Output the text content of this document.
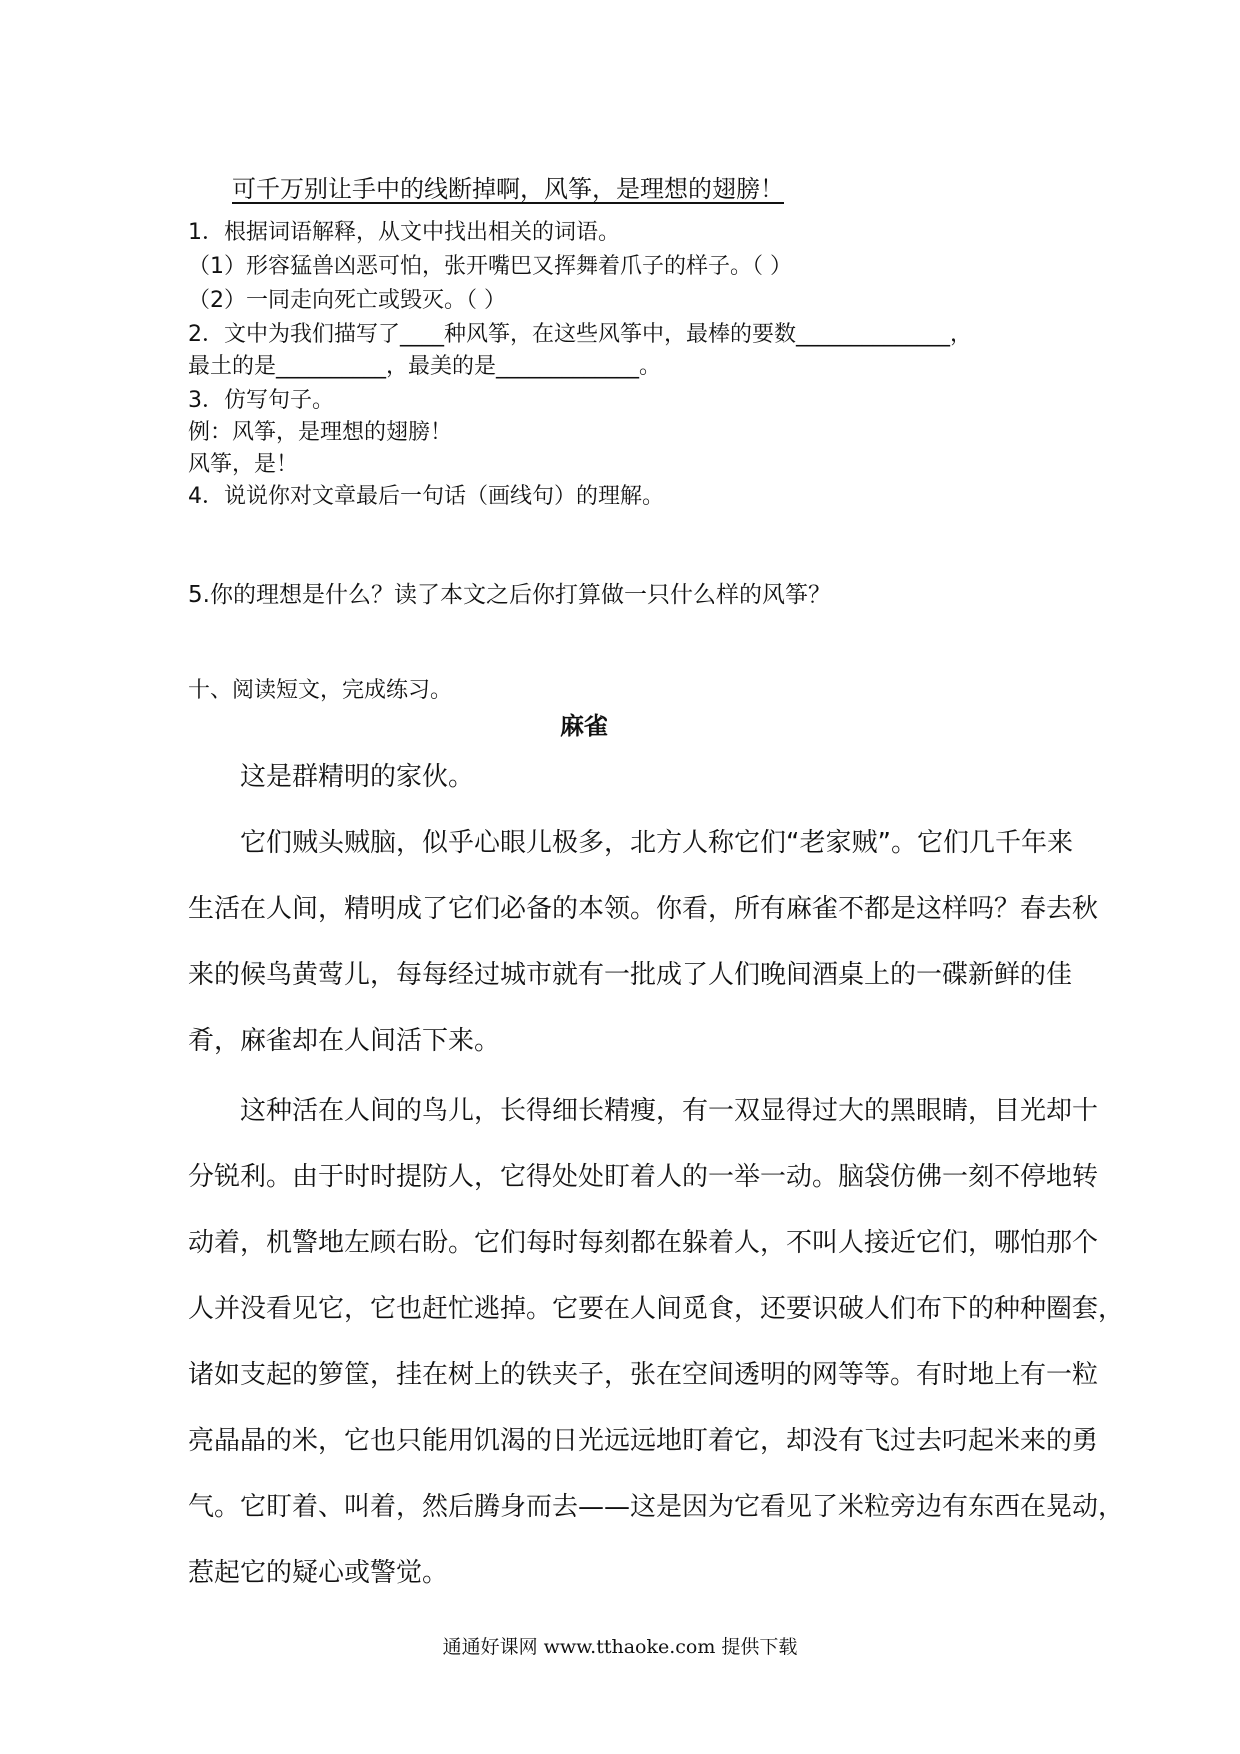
可千万别让手中的线断掉啊，风筝，是理想的翅膀！
1．根据词语解释，从文中找出相关的词语。
（1）形容猛兽凶恶可怕，张开嘴巴又挥舞着爪子的样子。（ ）
（2）一同走向死亡或毁灭。（ ）
2．文中为我们描写了____种风筝，在这些风筝中，最棒的要数______________，
最土的是__________，最美的是_____________。
3．仿写句子。
例：风筝，是理想的翅膀！
风筝，是！
4．说说你对文章最后一句话（画线句）的理解。
5.你的理想是什么？读了本文之后你打算做一只什么样的风筝？
十、阅读短文，完成练习。
麻雀
　　这是群精明的家伙。
　　它们贼头贼脑，似乎心眼儿极多，北方人称它们“老家贼”。它们几千年来
生活在人间，精明成了它们必备的本领。你看，所有麻雀不都是这样吗？春去秋
来的候鸟黄莺儿，每每经过城市就有一批成了人们晚间酒桌上的一碟新鲜的佳
肴，麻雀却在人间活下来。
　　这种活在人间的鸟儿，长得细长精瘦，有一双显得过大的黑眼睛，目光却十
分锐利。由于时时提防人，它得处处盯着人的一举一动。脑袋仿佛一刻不停地转
动着，机警地左顾右盼。它们每时每刻都在躲着人，不叫人接近它们，哪怕那个
人并没看见它，它也赶忙逃掉。它要在人间觅食，还要识破人们布下的种种圈套，
诸如支起的箩筐，挂在树上的铁夹子，张在空间透明的网等等。有时地上有一粒
亮晶晶的米，它也只能用饥渴的日光远远地盯着它，却没有飞过去叼起米来的勇
气。它盯着、叫着，然后腾身而去——这是因为它看见了米粒旁边有东西在晃动，
惹起它的疑心或警觉。
通通好课网 www.tthaoke.com 提供下载
